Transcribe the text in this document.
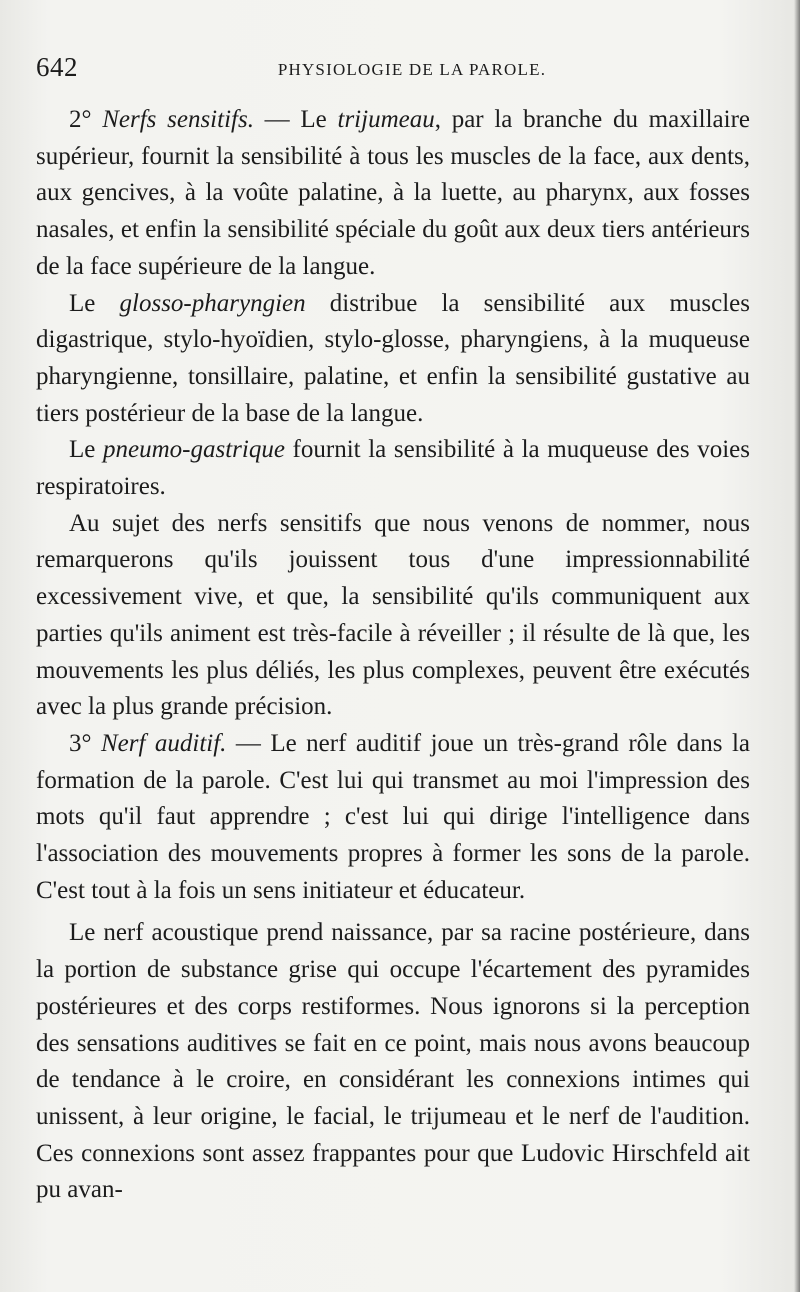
642	PHYSIOLOGIE DE LA PAROLE.

2° Nerfs sensitifs. — Le trijumeau, par la branche du maxillaire supérieur, fournit la sensibilité à tous les muscles de la face, aux dents, aux gencives, à la voûte palatine, à la luette, au pharynx, aux fosses nasales, et enfin la sensibilité spéciale du goût aux deux tiers antérieurs de la face supérieure de la langue.

Le glosso-pharyngien distribue la sensibilité aux muscles digastrique, stylo-hyoïdien, stylo-glosse, pharyngiens, à la muqueuse pharyngienne, tonsillaire, palatine, et enfin la sensibilité gustative au tiers postérieur de la base de la langue.

Le pneumo-gastrique fournit la sensibilité à la muqueuse des voies respiratoires.

Au sujet des nerfs sensitifs que nous venons de nommer, nous remarquerons qu'ils jouissent tous d'une impressionnabilité excessivement vive, et que, la sensibilité qu'ils communiquent aux parties qu'ils animent est très-facile à réveiller ; il résulte de là que, les mouvements les plus déliés, les plus complexes, peuvent être exécutés avec la plus grande précision.

3° Nerf auditif. — Le nerf auditif joue un très-grand rôle dans la formation de la parole. C'est lui qui transmet au moi l'impression des mots qu'il faut apprendre ; c'est lui qui dirige l'intelligence dans l'association des mouvements propres à former les sons de la parole. C'est tout à la fois un sens initiateur et éducateur.

Le nerf acoustique prend naissance, par sa racine postérieure, dans la portion de substance grise qui occupe l'écartement des pyramides postérieures et des corps restiformes. Nous ignorons si la perception des sensations auditives se fait en ce point, mais nous avons beaucoup de tendance à le croire, en considérant les connexions intimes qui unissent, à leur origine, le facial, le trijumeau et le nerf de l'audition. Ces connexions sont assez frappantes pour que Ludovic Hirschfeld ait pu avan-
